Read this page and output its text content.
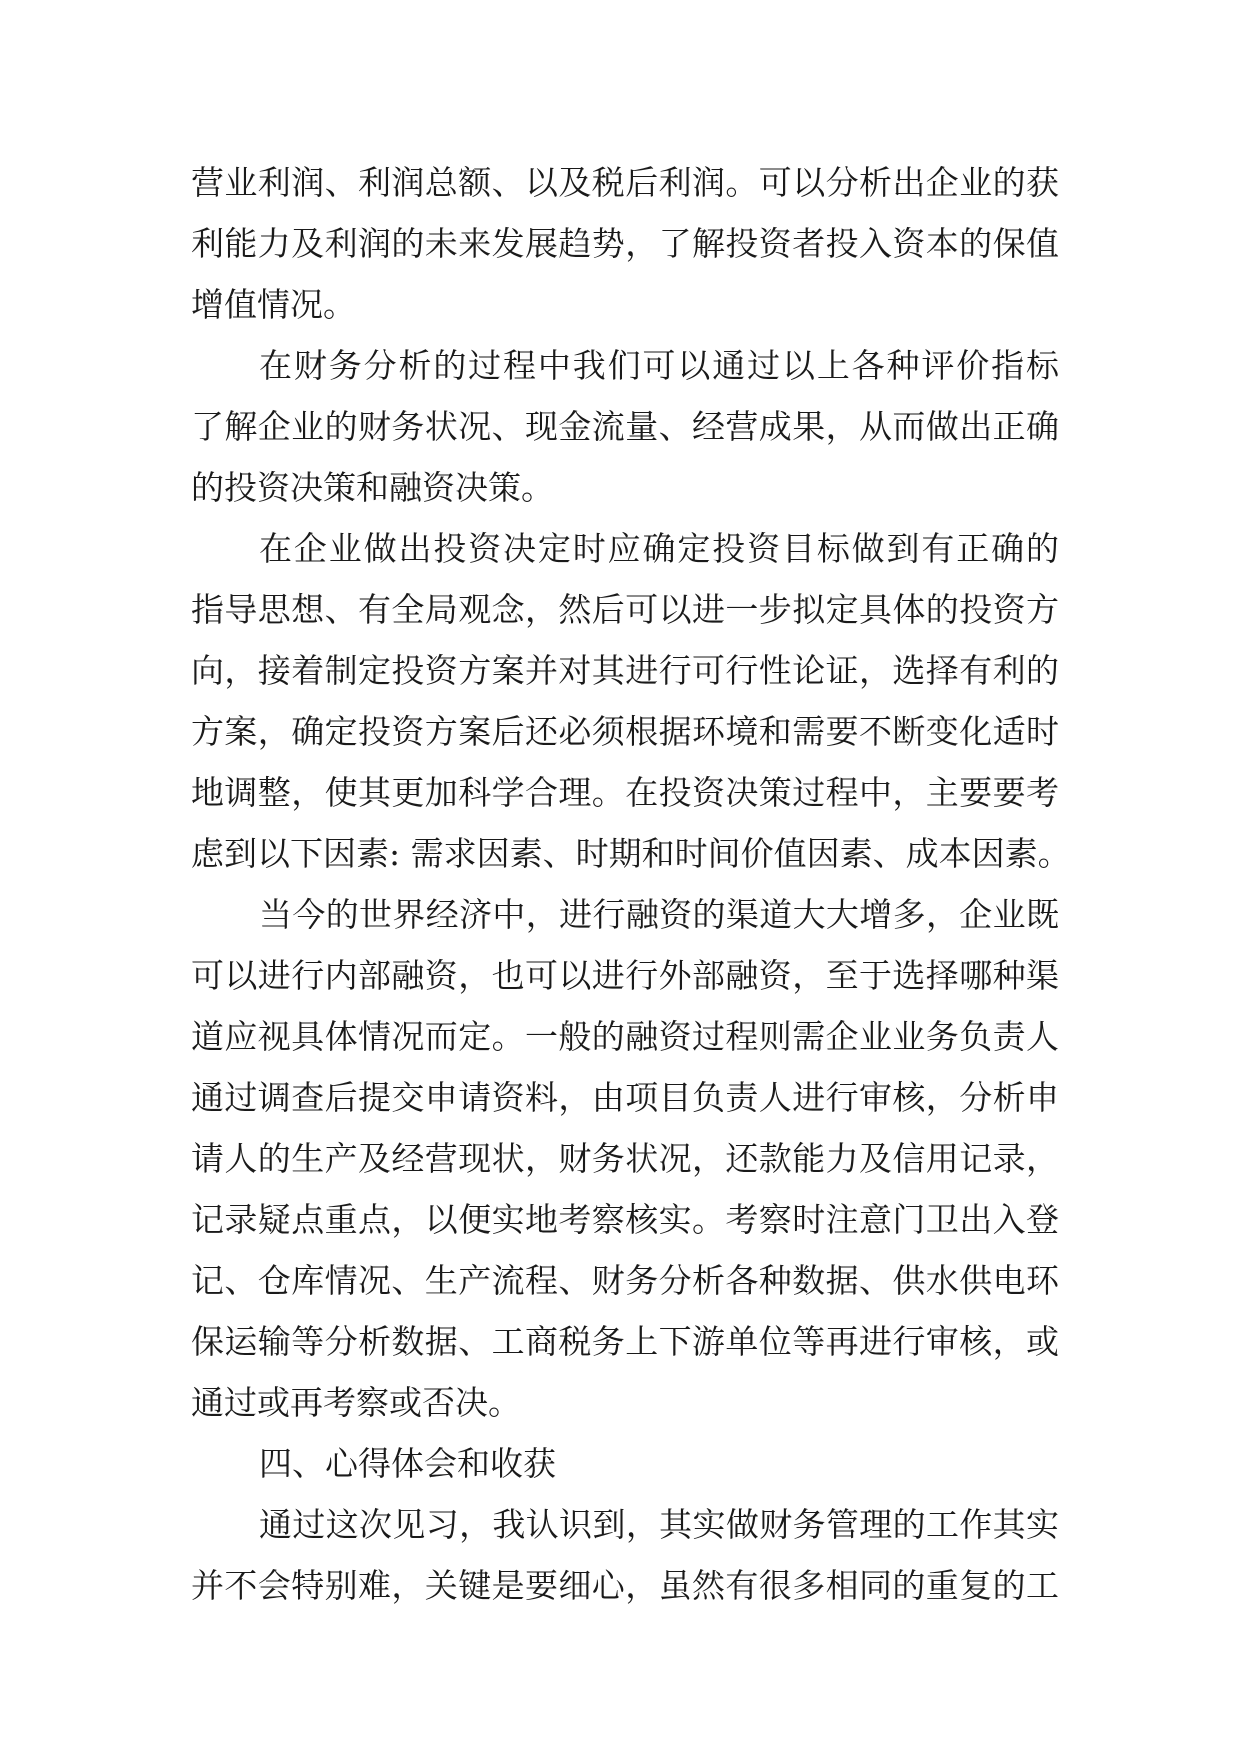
营业利润、利润总额、以及税后利润。可以分析出企业的获
利能力及利润的未来发展趋势，了解投资者投入资本的保值
增值情况。
在财务分析的过程中我们可以通过以上各种评价指标
了解企业的财务状况、现金流量、经营成果，从而做出正确
的投资决策和融资决策。
在企业做出投资决定时应确定投资目标做到有正确的
指导思想、有全局观念，然后可以进一步拟定具体的投资方
向，接着制定投资方案并对其进行可行性论证，选择有利的
方案，确定投资方案后还必须根据环境和需要不断变化适时
地调整，使其更加科学合理。在投资决策过程中，主要要考
虑到以下因素: 需求因素、时期和时间价值因素、成本因素。
当今的世界经济中，进行融资的渠道大大增多，企业既
可以进行内部融资，也可以进行外部融资，至于选择哪种渠
道应视具体情况而定。一般的融资过程则需企业业务负责人
通过调查后提交申请资料，由项目负责人进行审核，分析申
请人的生产及经营现状，财务状况，还款能力及信用记录，
记录疑点重点，以便实地考察核实。考察时注意门卫出入登
记、仓库情况、生产流程、财务分析各种数据、供水供电环
保运输等分析数据、工商税务上下游单位等再进行审核，或
通过或再考察或否决。
四、心得体会和收获
通过这次见习，我认识到，其实做财务管理的工作其实
并不会特别难，关键是要细心，虽然有很多相同的重复的工
